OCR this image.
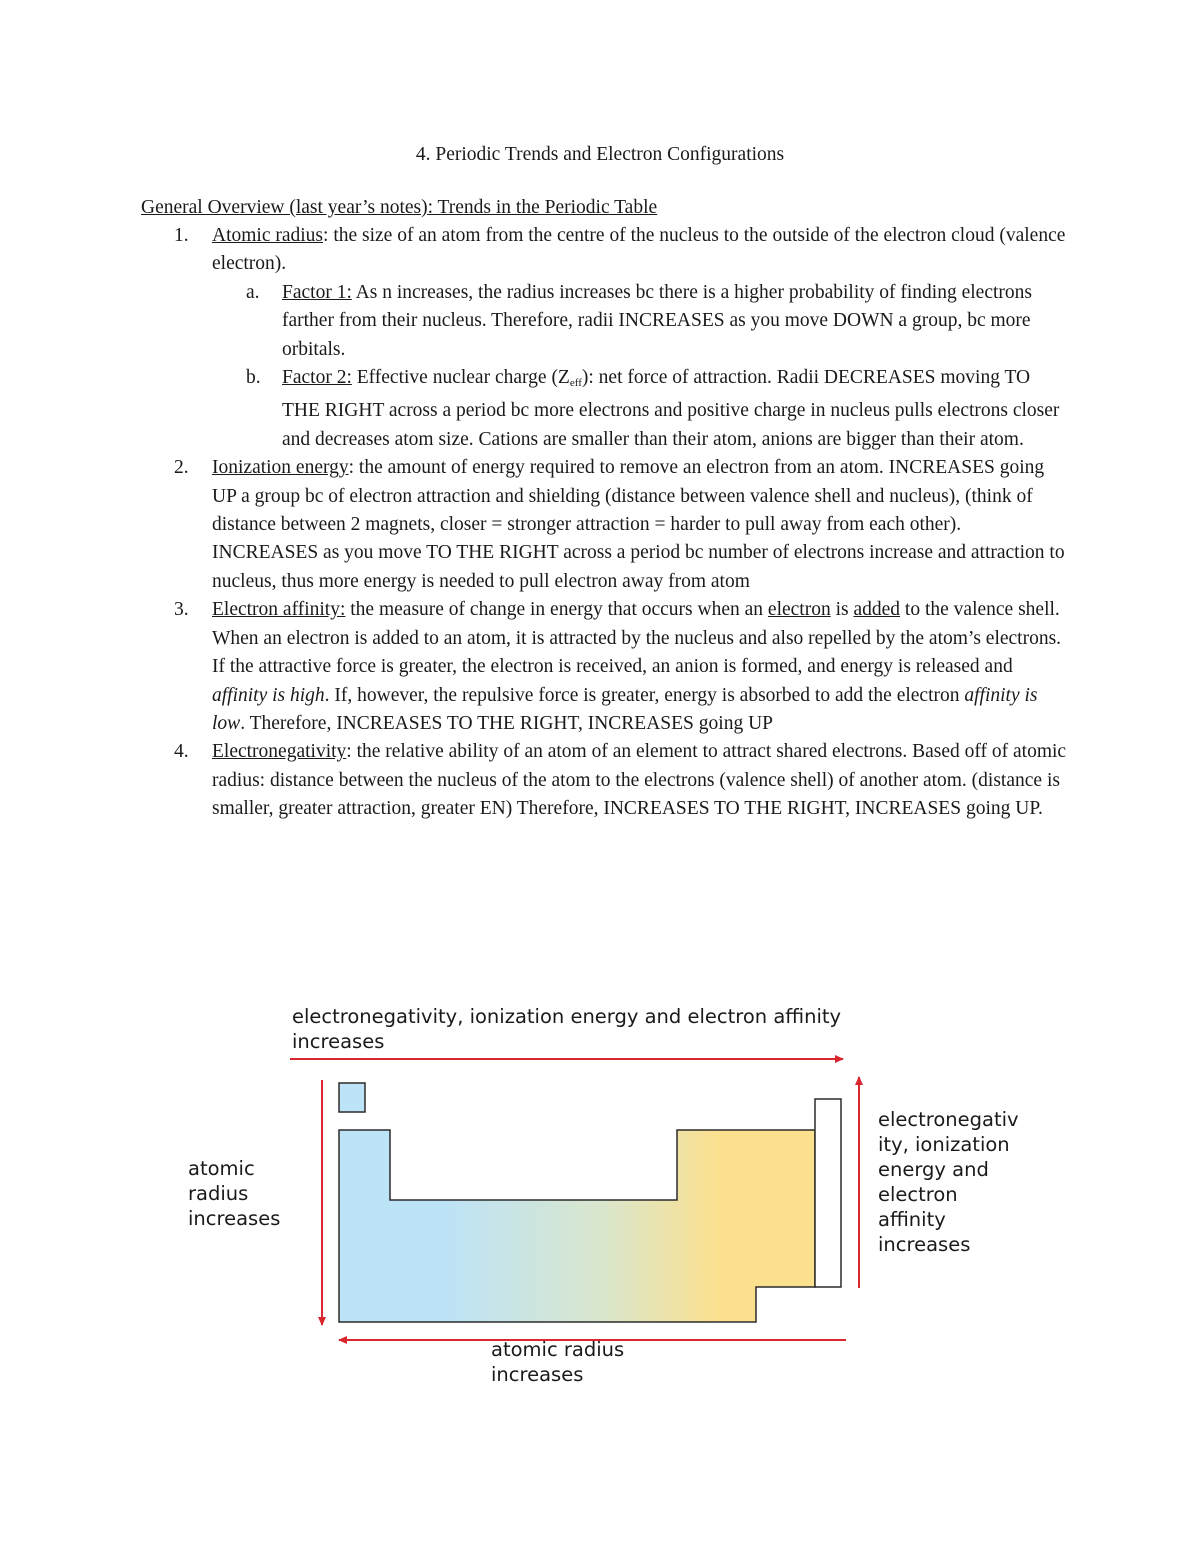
4. Periodic Trends and Electron Configurations
General Overview (last year’s notes): Trends in the Periodic Table
1.	Atomic radius: the size of an atom from the centre of the nucleus to the outside of the electron cloud (valence electron).
a.	Factor 1: As n increases, the radius increases bc there is a higher probability of finding electrons farther from their nucleus. Therefore, radii INCREASES as you move DOWN a group, bc more orbitals.
b.	Factor 2: Effective nuclear charge $(Z_{eff})$: net force of attraction. Radii DECREASES moving TO THE RIGHT across a period bc more electrons and positive charge in nucleus pulls electrons closer and decreases atom size. Cations are smaller than their atom, anions are bigger than their atom.
2.	Ionization energy: the amount of energy required to remove an electron from an atom. INCREASES going UP a group bc of electron attraction and shielding (distance between valence shell and nucleus), (think of distance between 2 magnets, closer = stronger attraction = harder to pull away from each other). INCREASES as you move TO THE RIGHT across a period bc number of electrons increase and attraction to nucleus, thus more energy is needed to pull electron away from atom
3.	Electron affinity: the measure of change in energy that occurs when an electron is added to the valence shell. When an electron is added to an atom, it is attracted by the nucleus and also repelled by the atom’s electrons. If the attractive force is greater, the electron is received, an anion is formed, and energy is released and affinity is high. If, however, the repulsive force is greater, energy is absorbed to add the electron affinity is low. Therefore, INCREASES TO THE RIGHT, INCREASES going UP
4.	Electronegativity: the relative ability of an atom of an element to attract shared electrons. Based off of atomic radius: distance between the nucleus of the atom to the electrons (valence shell) of another atom. (distance is smaller, greater attraction, greater EN) Therefore, INCREASES TO THE RIGHT, INCREASES going UP.
electronegativity, ionization energy and electron affinity increases
atomic radius increases
electronegativ ity, ionization energy and electron affinity increases
atomic radius increases
